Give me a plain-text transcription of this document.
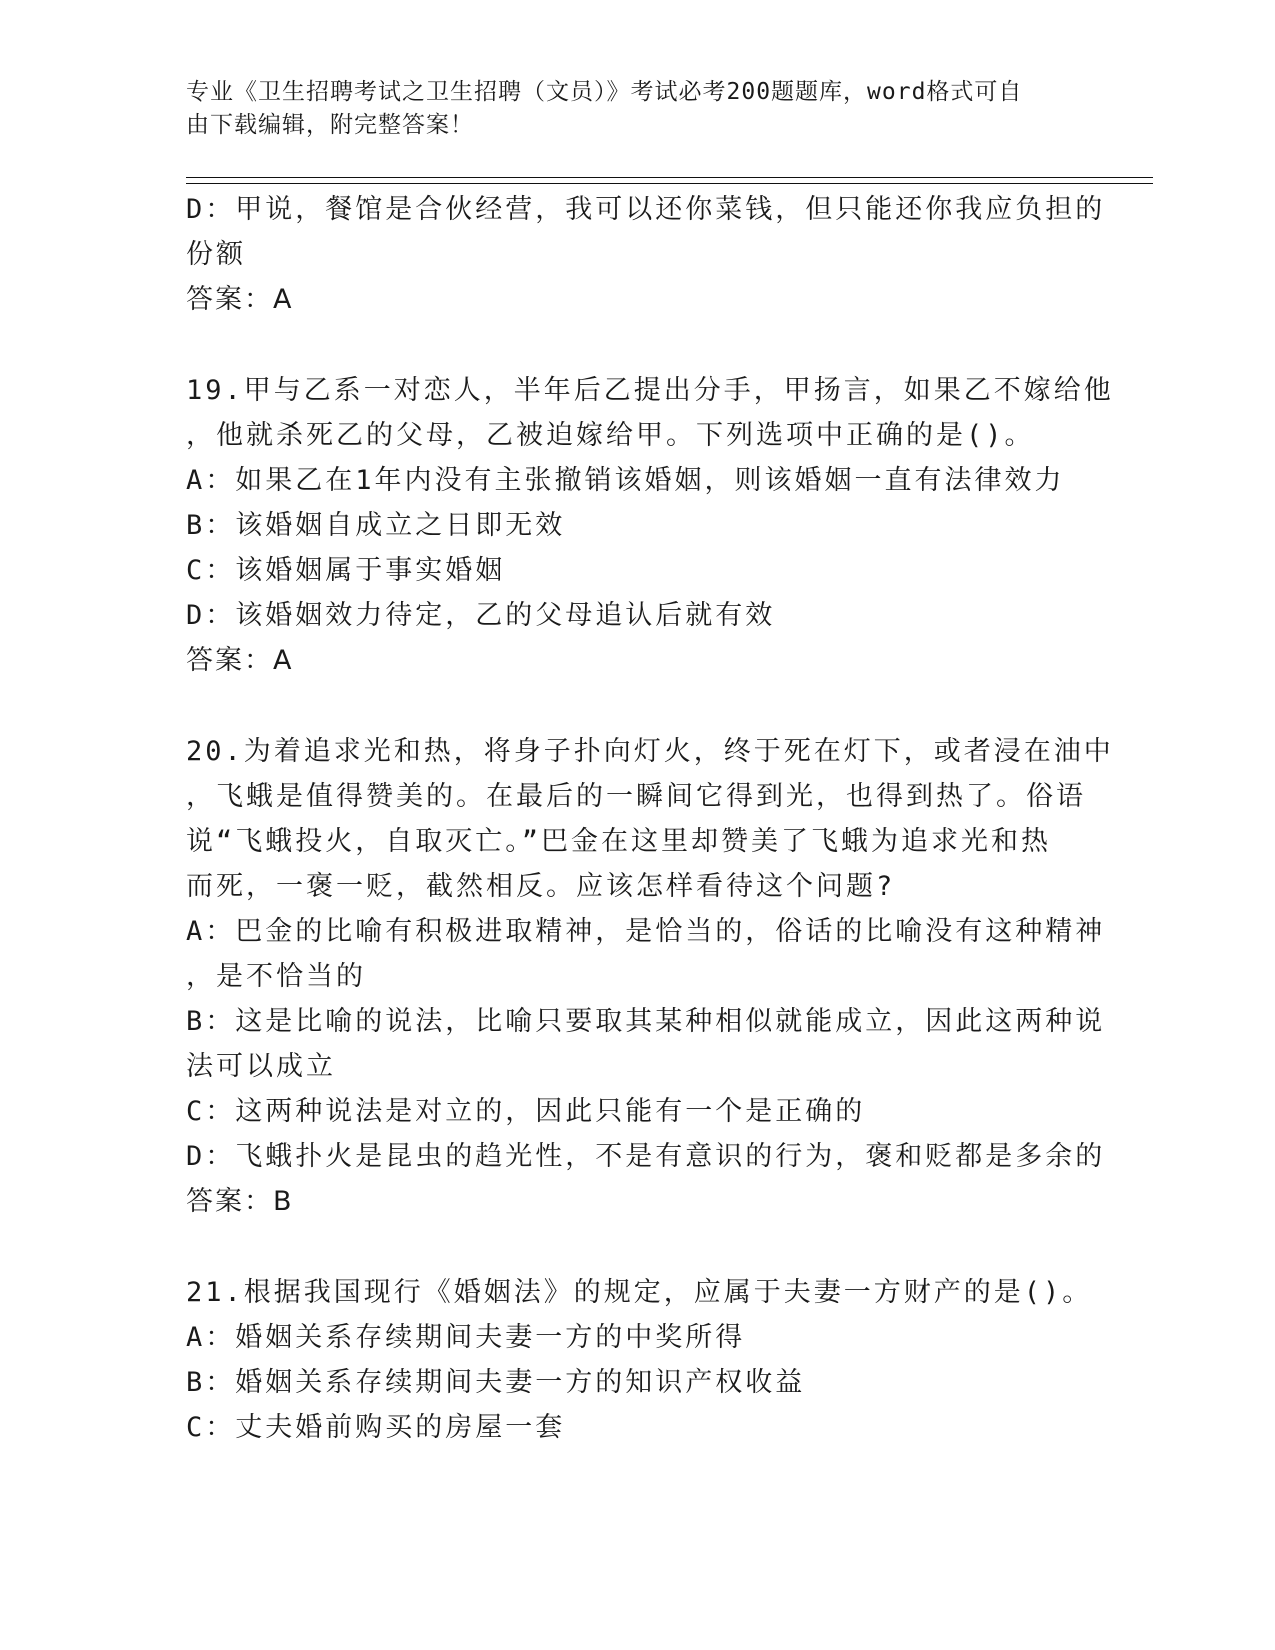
专业《卫生招聘考试之卫生招聘（文员）》考试必考200题题库，word格式可自
由下载编辑，附完整答案！
D：甲说，餐馆是合伙经营，我可以还你菜钱，但只能还你我应负担的
份额
答案：A
19.甲与乙系一对恋人，半年后乙提出分手，甲扬言，如果乙不嫁给他
，他就杀死乙的父母，乙被迫嫁给甲。下列选项中正确的是()。
A：如果乙在1年内没有主张撤销该婚姻，则该婚姻一直有法律效力
B：该婚姻自成立之日即无效
C：该婚姻属于事实婚姻
D：该婚姻效力待定，乙的父母追认后就有效
答案：A
20.为着追求光和热，将身子扑向灯火，终于死在灯下，或者浸在油中
，飞蛾是值得赞美的。在最后的一瞬间它得到光，也得到热了。俗语
说“飞蛾投火，自取灭亡。”巴金在这里却赞美了飞蛾为追求光和热
而死，一褒一贬，截然相反。应该怎样看待这个问题?
A：巴金的比喻有积极进取精神，是恰当的，俗话的比喻没有这种精神
，是不恰当的
B：这是比喻的说法，比喻只要取其某种相似就能成立，因此这两种说
法可以成立
C：这两种说法是对立的，因此只能有一个是正确的
D：飞蛾扑火是昆虫的趋光性，不是有意识的行为，褒和贬都是多余的
答案：B
21.根据我国现行《婚姻法》的规定，应属于夫妻一方财产的是()。
A：婚姻关系存续期间夫妻一方的中奖所得
B：婚姻关系存续期间夫妻一方的知识产权收益
C：丈夫婚前购买的房屋一套
